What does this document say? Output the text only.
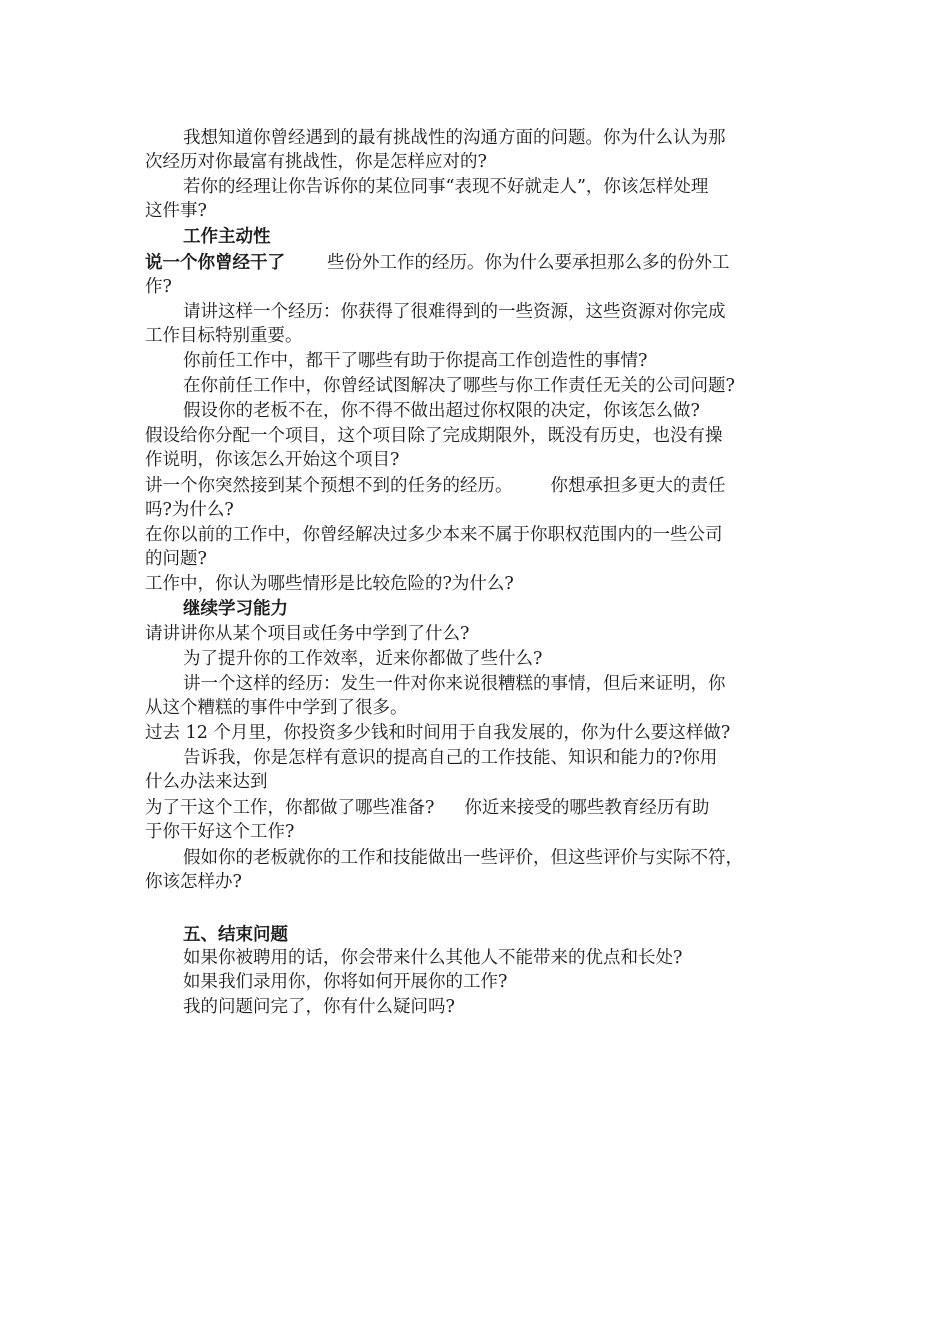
我想知道你曾经遇到的最有挑战性的沟通方面的问题。你为什么认为那
次经历对你最富有挑战性，你是怎样应对的?
若你的经理让你告诉你的某位同事“表现不好就走人”，你该怎样处理
这件事?
工作主动性
说一个你曾经干了 些份外工作的经历。你为什么要承担那么多的份外工
作?
请讲这样一个经历：你获得了很难得到的一些资源，这些资源对你完成
工作目标特别重要。
你前任工作中，都干了哪些有助于你提高工作创造性的事情?
在你前任工作中，你曾经试图解决了哪些与你工作责任无关的公司问题?
假设你的老板不在，你不得不做出超过你权限的决定，你该怎么做?
假设给你分配一个项目，这个项目除了完成期限外，既没有历史，也没有操
作说明，你该怎么开始这个项目?
讲一个你突然接到某个预想不到的任务的经历。 你想承担多更大的责任
吗?为什么?
在你以前的工作中，你曾经解决过多少本来不属于你职权范围内的一些公司
的问题?
工作中，你认为哪些情形是比较危险的?为什么?
继续学习能力
请讲讲你从某个项目或任务中学到了什么?
为了提升你的工作效率，近来你都做了些什么?
讲一个这样的经历：发生一件对你来说很糟糕的事情，但后来证明，你
从这个糟糕的事件中学到了很多。
过去 12 个月里，你投资多少钱和时间用于自我发展的，你为什么要这样做?
告诉我，你是怎样有意识的提高自己的工作技能、知识和能力的?你用
什么办法来达到
为了干这个工作，你都做了哪些准备? 你近来接受的哪些教育经历有助
于你干好这个工作?
假如你的老板就你的工作和技能做出一些评价，但这些评价与实际不符，
你该怎样办?
五、结束问题
如果你被聘用的话，你会带来什么其他人不能带来的优点和长处?
如果我们录用你，你将如何开展你的工作?
我的问题问完了，你有什么疑问吗?
